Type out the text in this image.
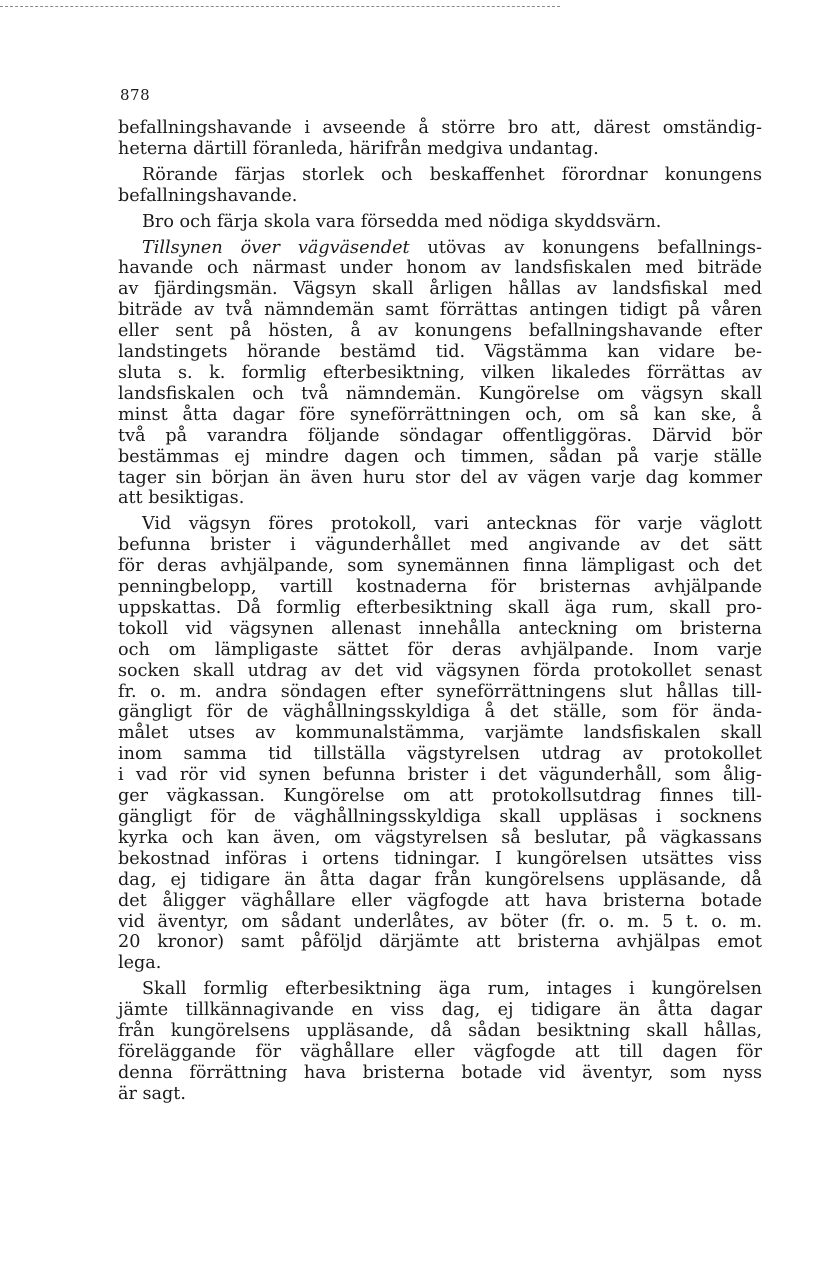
878
befallningshavande i avseende å större bro att, därest omständig-
heterna därtill föranleda, härifrån medgiva undantag.
Rörande färjas storlek och beskaffenhet förordnar konungens
befallningshavande.
Bro och färja skola vara försedda med nödiga skyddsvärn.
Tillsynen över vägväsendet utövas av konungens befallnings-
havande och närmast under honom av landsfiskalen med biträde
av fjärdingsmän. Vägsyn skall årligen hållas av landsfiskal med
biträde av två nämndemän samt förrättas antingen tidigt på våren
eller sent på hösten, å av konungens befallningshavande efter
landstingets hörande bestämd tid. Vägstämma kan vidare be-
sluta s. k. formlig efterbesiktning, vilken likaledes förrättas av
landsfiskalen och två nämndemän. Kungörelse om vägsyn skall
minst åtta dagar före syneförrättningen och, om så kan ske, å
två på varandra följande söndagar offentliggöras. Därvid bör
bestämmas ej mindre dagen och timmen, sådan på varje ställe
tager sin början än även huru stor del av vägen varje dag kommer
att besiktigas.
Vid vägsyn föres protokoll, vari antecknas för varje väglott
befunna brister i vägunderhållet med angivande av det sätt
för deras avhjälpande, som synemännen finna lämpligast och det
penningbelopp, vartill kostnaderna för bristernas avhjälpande
uppskattas. Då formlig efterbesiktning skall äga rum, skall pro-
tokoll vid vägsynen allenast innehålla anteckning om bristerna
och om lämpligaste sättet för deras avhjälpande. Inom varje
socken skall utdrag av det vid vägsynen förda protokollet senast
fr. o. m. andra söndagen efter syneförrättningens slut hållas till-
gängligt för de väghållningsskyldiga å det ställe, som för ända-
målet utses av kommunalstämma, varjämte landsfiskalen skall
inom samma tid tillställa vägstyrelsen utdrag av protokollet
i vad rör vid synen befunna brister i det vägunderhåll, som ålig-
ger vägkassan. Kungörelse om att protokollsutdrag finnes till-
gängligt för de väghållningsskyldiga skall uppläsas i socknens
kyrka och kan även, om vägstyrelsen så beslutar, på vägkassans
bekostnad införas i ortens tidningar. I kungörelsen utsättes viss
dag, ej tidigare än åtta dagar från kungörelsens uppläsande, då
det åligger väghållare eller vägfogde att hava bristerna botade
vid äventyr, om sådant underlåtes, av böter (fr. o. m. 5 t. o. m.
20 kronor) samt påföljd därjämte att bristerna avhjälpas emot
lega.
Skall formlig efterbesiktning äga rum, intages i kungörelsen
jämte tillkännagivande en viss dag, ej tidigare än åtta dagar
från kungörelsens uppläsande, då sådan besiktning skall hållas,
föreläggande för väghållare eller vägfogde att till dagen för
denna förrättning hava bristerna botade vid äventyr, som nyss
är sagt.
